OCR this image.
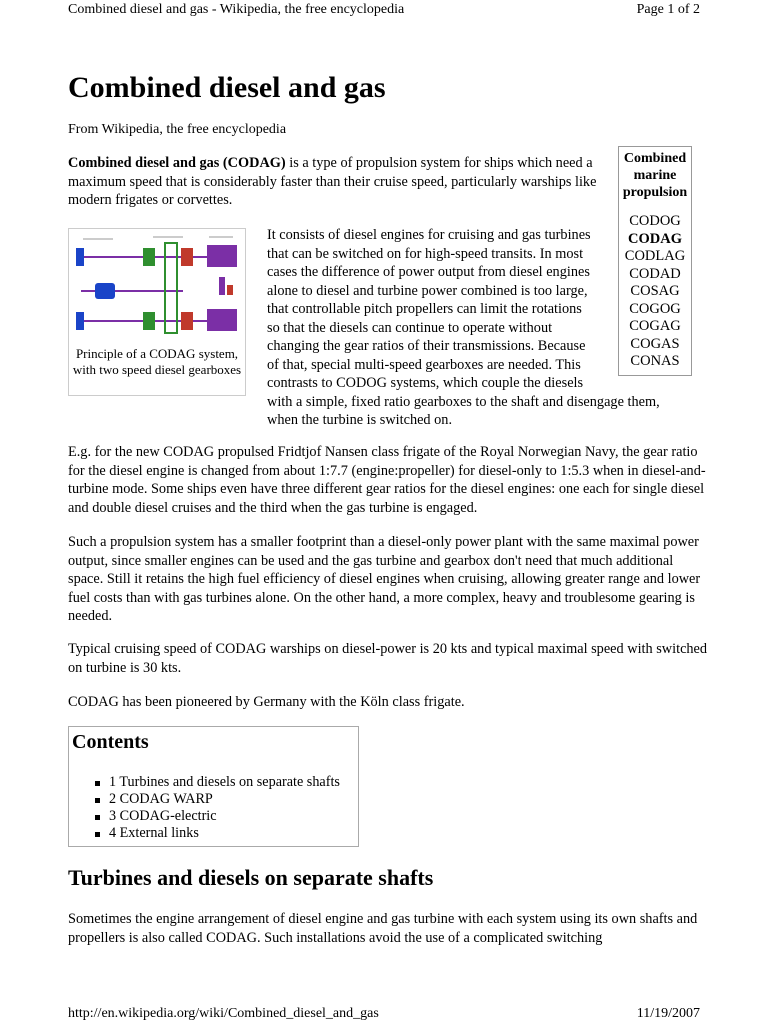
Combined diesel and gas - Wikipedia, the free encyclopedia	Page 1 of 2
Combined diesel and gas
From Wikipedia, the free encyclopedia
Combined diesel and gas (CODAG) is a type of propulsion system for ships which need a maximum speed that is considerably faster than their cruise speed, particularly warships like modern frigates or corvettes.
Combined marine propulsion
CODOG
CODAG
CODLAG
CODAD
COSAG
COGOG
COGAG
COGAS
CONAS
Principle of a CODAG system, with two speed diesel gearboxes
It consists of diesel engines for cruising and gas turbines
that can be switched on for high-speed transits. In most
cases the difference of power output from diesel engines
alone to diesel and turbine power combined is too large,
that controllable pitch propellers can limit the rotations
so that the diesels can continue to operate without
changing the gear ratios of their transmissions. Because
of that, special multi-speed gearboxes are needed. This
contrasts to CODOG systems, which couple the diesels
with a simple, fixed ratio gearboxes to the shaft and disengage them,
when the turbine is switched on.
E.g. for the new CODAG propulsed Fridtjof Nansen class frigate of the Royal Norwegian Navy, the gear ratio for the diesel engine is changed from about 1:7.7 (engine:propeller) for diesel-only to 1:5.3 when in diesel-and-turbine mode. Some ships even have three different gear ratios for the diesel engines: one each for single diesel and double diesel cruises and the third when the gas turbine is engaged.
Such a propulsion system has a smaller footprint than a diesel-only power plant with the same maximal power output, since smaller engines can be used and the gas turbine and gearbox don't need that much additional space. Still it retains the high fuel efficiency of diesel engines when cruising, allowing greater range and lower fuel costs than with gas turbines alone. On the other hand, a more complex, heavy and troublesome gearing is needed.
Typical cruising speed of CODAG warships on diesel-power is 20 kts and typical maximal speed with switched on turbine is 30 kts.
CODAG has been pioneered by Germany with the Köln class frigate.
Contents
1 Turbines and diesels on separate shafts
2 CODAG WARP
3 CODAG-electric
4 External links
Turbines and diesels on separate shafts
Sometimes the engine arrangement of diesel engine and gas turbine with each system using its own shafts and propellers is also called CODAG. Such installations avoid the use of a complicated switching
http://en.wikipedia.org/wiki/Combined_diesel_and_gas	11/19/2007
